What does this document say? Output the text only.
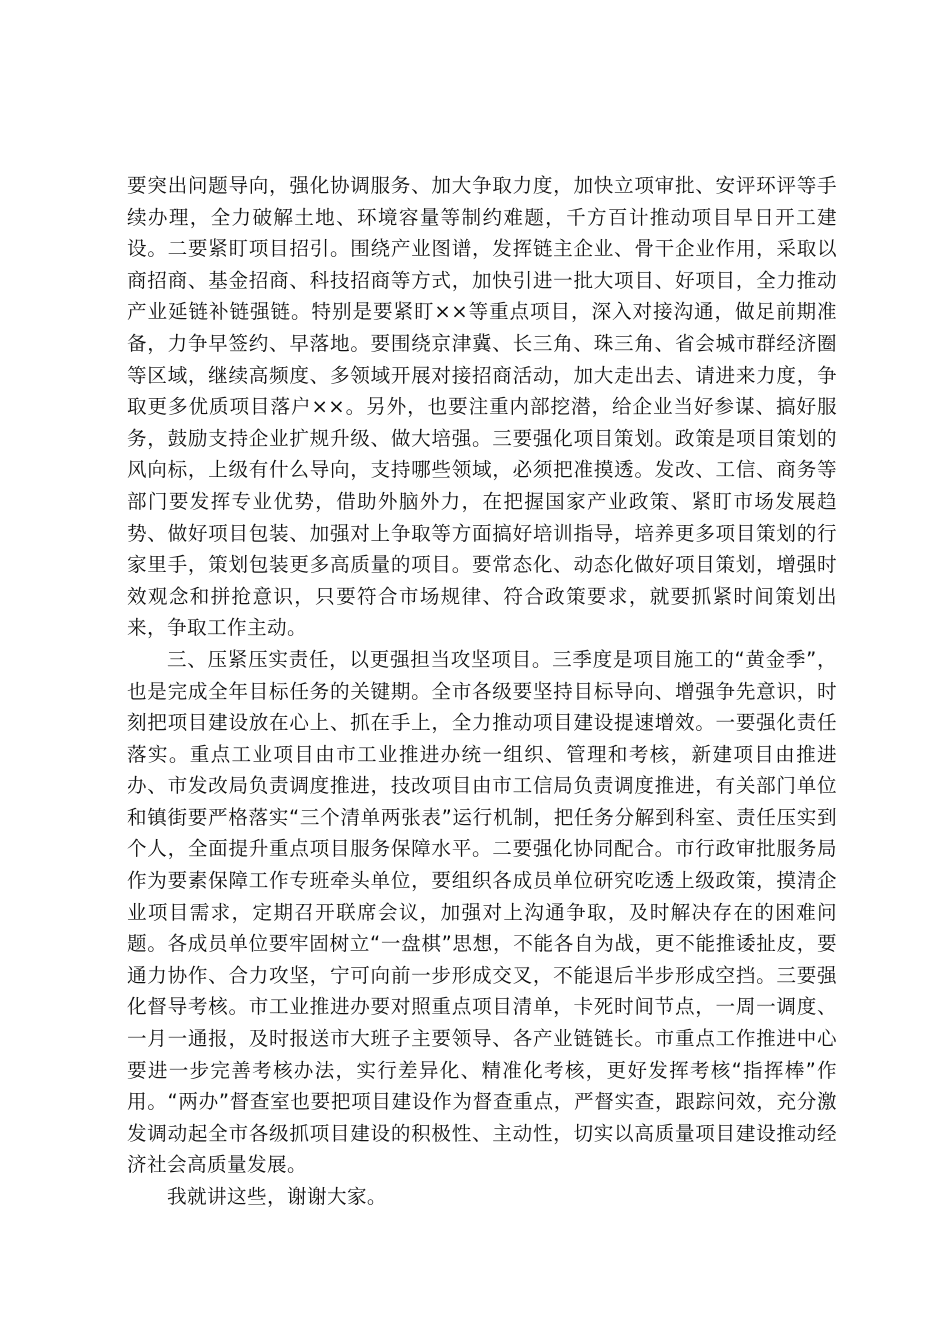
要突出问题导向，强化协调服务、加大争取力度，加快立项审批、安评环评等手续办理，全力破解土地、环境容量等制约难题，千方百计推动项目早日开工建设。二要紧盯项目招引。围绕产业图谱，发挥链主企业、骨干企业作用，采取以商招商、基金招商、科技招商等方式，加快引进一批大项目、好项目，全力推动产业延链补链强链。特别是要紧盯××等重点项目，深入对接沟通，做足前期准备，力争早签约、早落地。要围绕京津冀、长三角、珠三角、省会城市群经济圈等区域，继续高频度、多领域开展对接招商活动，加大走出去、请进来力度，争取更多优质项目落户××。另外，也要注重内部挖潜，给企业当好参谋、搞好服务，鼓励支持企业扩规升级、做大培强。三要强化项目策划。政策是项目策划的风向标，上级有什么导向，支持哪些领域，必须把准摸透。发改、工信、商务等部门要发挥专业优势，借助外脑外力，在把握国家产业政策、紧盯市场发展趋势、做好项目包装、加强对上争取等方面搞好培训指导，培养更多项目策划的行家里手，策划包装更多高质量的项目。要常态化、动态化做好项目策划，增强时效观念和拼抢意识，只要符合市场规律、符合政策要求，就要抓紧时间策划出来，争取工作主动。

三、压紧压实责任，以更强担当攻坚项目。三季度是项目施工的“黄金季”，也是完成全年目标任务的关键期。全市各级要坚持目标导向、增强争先意识，时刻把项目建设放在心上、抓在手上，全力推动项目建设提速增效。一要强化责任落实。重点工业项目由市工业推进办统一组织、管理和考核，新建项目由推进办、市发改局负责调度推进，技改项目由市工信局负责调度推进，有关部门单位和镇街要严格落实“三个清单两张表”运行机制，把任务分解到科室、责任压实到个人，全面提升重点项目服务保障水平。二要强化协同配合。市行政审批服务局作为要素保障工作专班牵头单位，要组织各成员单位研究吃透上级政策，摸清企业项目需求，定期召开联席会议，加强对上沟通争取，及时解决存在的困难问题。各成员单位要牢固树立“一盘棋”思想，不能各自为战，更不能推诿扯皮，要通力协作、合力攻坚，宁可向前一步形成交叉，不能退后半步形成空挡。三要强化督导考核。市工业推进办要对照重点项目清单，卡死时间节点，一周一调度、一月一通报，及时报送市大班子主要领导、各产业链链长。市重点工作推进中心要进一步完善考核办法，实行差异化、精准化考核，更好发挥考核“指挥棒”作用。“两办”督查室也要把项目建设作为督查重点，严督实查，跟踪问效，充分激发调动起全市各级抓项目建设的积极性、主动性，切实以高质量项目建设推动经济社会高质量发展。

我就讲这些，谢谢大家。
